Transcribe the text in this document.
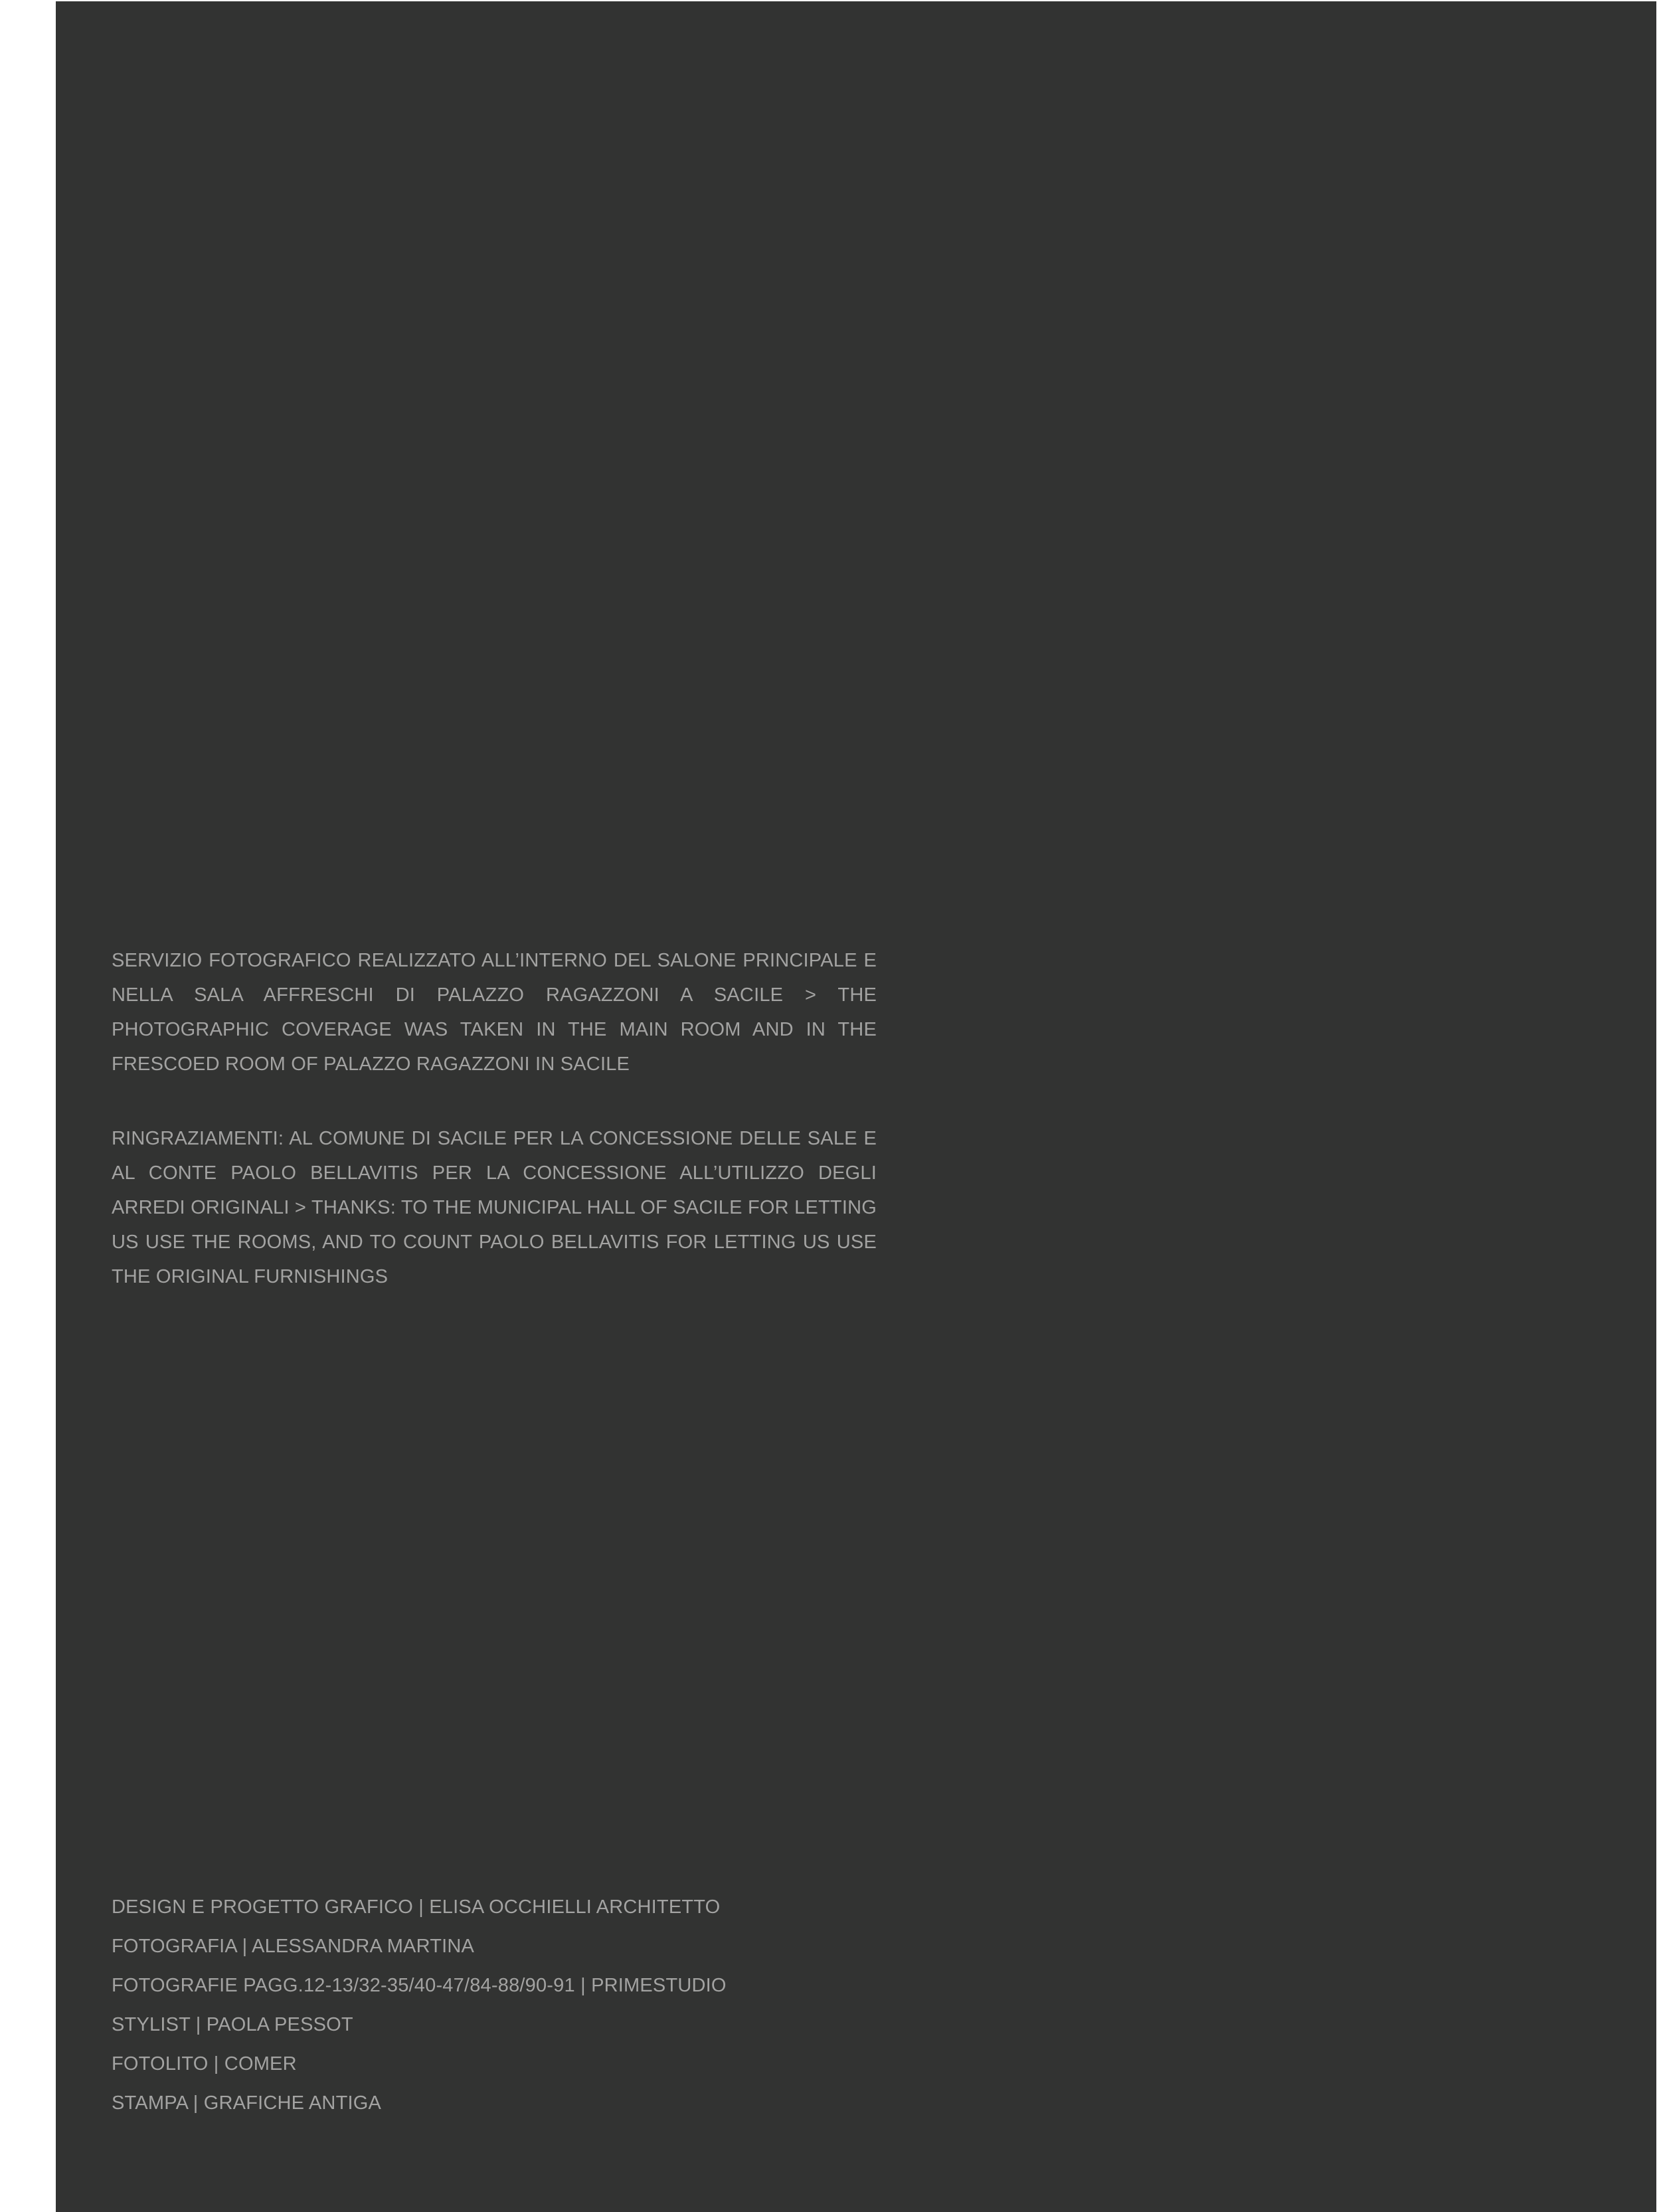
SERVIZIO FOTOGRAFICO REALIZZATO ALL’INTERNO DEL SALONE PRINCIPALE E NELLA SALA AFFRESCHI DI PALAZZO RAGAZZONI A SACILE > THE PHOTOGRAPHIC COVERAGE WAS TAKEN IN THE MAIN ROOM AND IN THE FRESCOED ROOM OF PALAZZO RAGAZZONI IN SACILE

RINGRAZIAMENTI: AL COMUNE DI SACILE PER LA CONCESSIONE DELLE SALE E AL CONTE PAOLO BELLAVITIS PER LA CONCESSIONE ALL’UTILIZZO DEGLI ARREDI ORIGINALI > THANKS: TO THE MUNICIPAL HALL OF SACILE FOR LETTING US USE THE ROOMS, AND TO COUNT PAOLO BELLAVITIS FOR LETTING US USE THE ORIGINAL FURNISHINGS

DESIGN E PROGETTO GRAFICO | ELISA OCCHIELLI ARCHITETTO
FOTOGRAFIA | ALESSANDRA MARTINA
FOTOGRAFIE PAGG.12-13/32-35/40-47/84-88/90-91 | PRIMESTUDIO
STYLIST | PAOLA PESSOT
FOTOLITO | COMER
STAMPA | GRAFICHE ANTIGA
